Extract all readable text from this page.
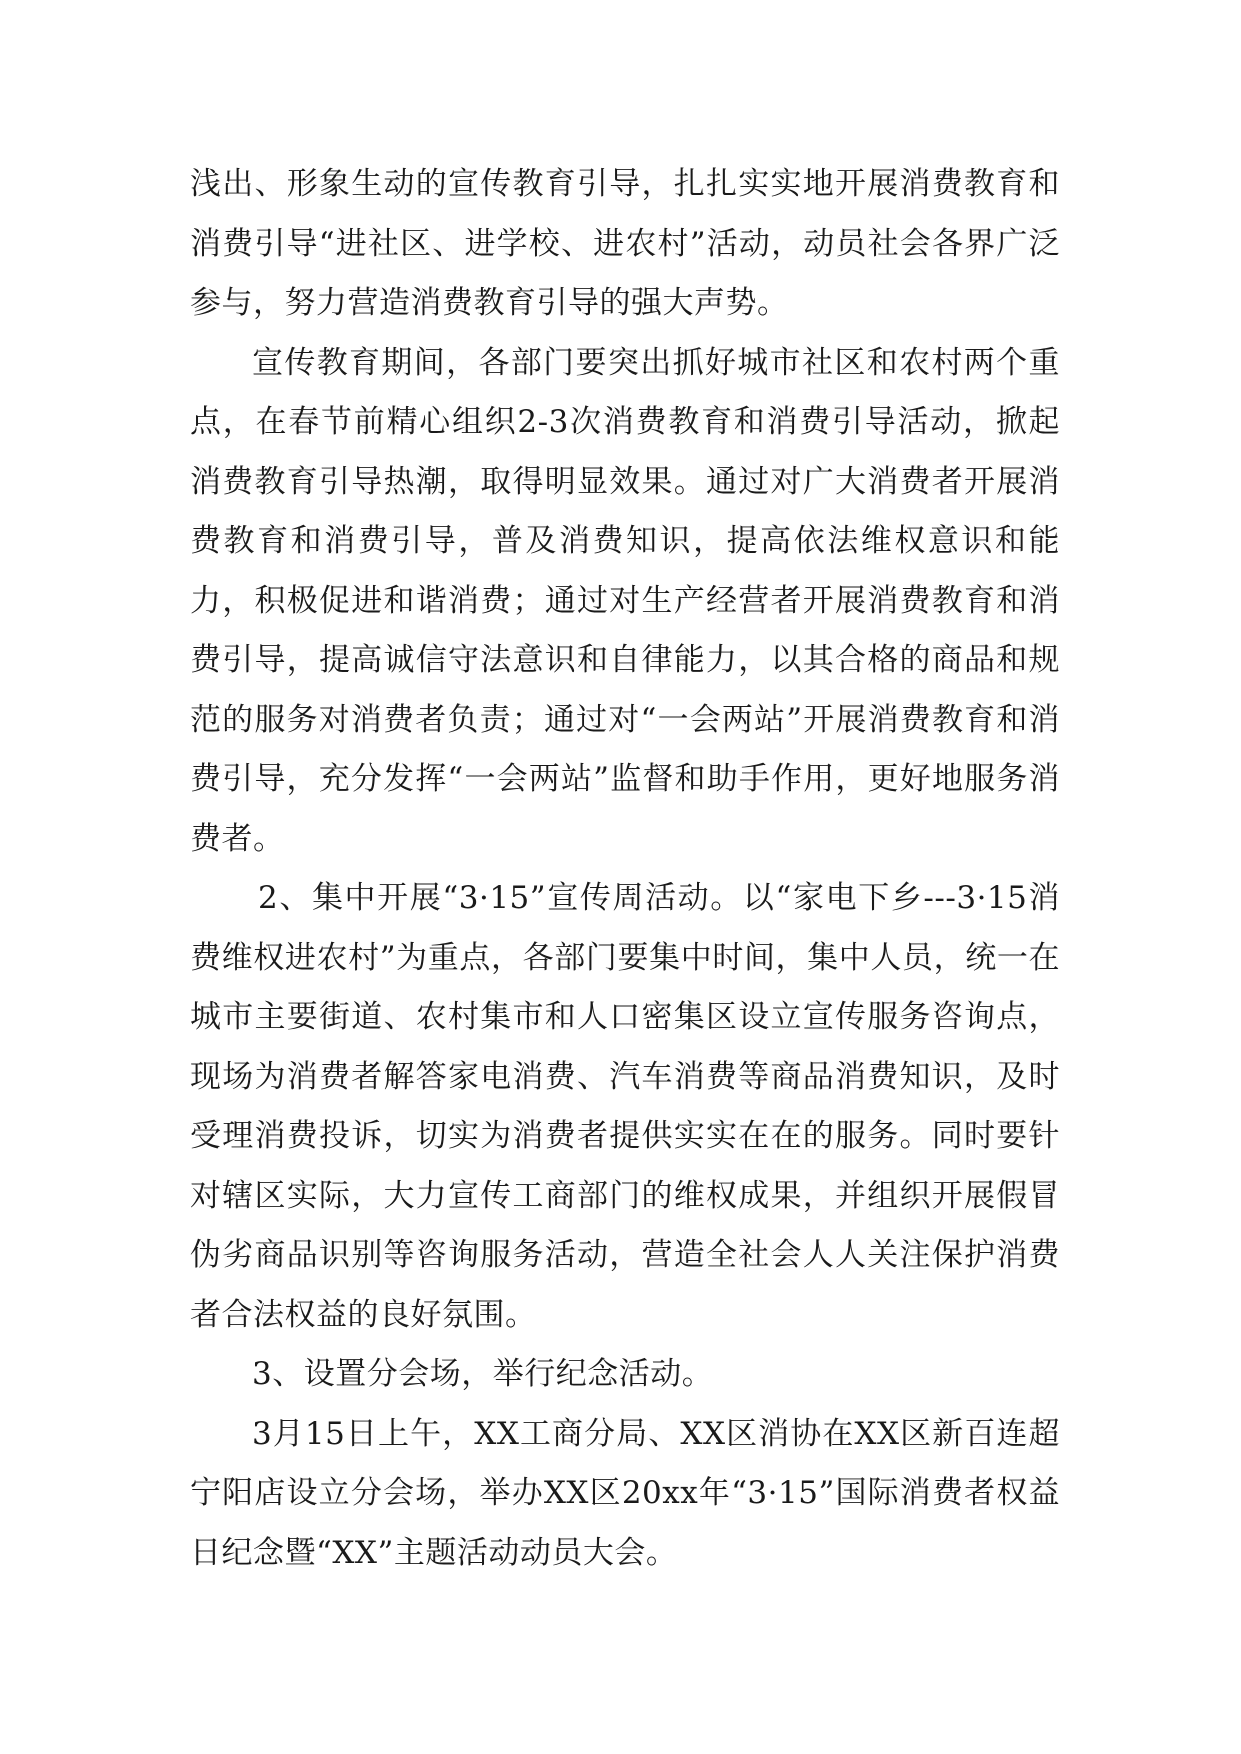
浅出、形象生动的宣传教育引导，扎扎实实地开展消费教育和消费引导“进社区、进学校、进农村”活动，动员社会各界广泛参与，努力营造消费教育引导的强大声势。

宣传教育期间，各部门要突出抓好城市社区和农村两个重点，在春节前精心组织2-3次消费教育和消费引导活动，掀起消费教育引导热潮，取得明显效果。通过对广大消费者开展消费教育和消费引导，普及消费知识，提高依法维权意识和能力，积极促进和谐消费；通过对生产经营者开展消费教育和消费引导，提高诚信守法意识和自律能力，以其合格的商品和规范的服务对消费者负责；通过对“一会两站”开展消费教育和消费引导，充分发挥“一会两站”监督和助手作用，更好地服务消费者。

2、集中开展“3·15”宣传周活动。以“家电下乡---3·15消费维权进农村”为重点，各部门要集中时间，集中人员，统一在城市主要街道、农村集市和人口密集区设立宣传服务咨询点，现场为消费者解答家电消费、汽车消费等商品消费知识，及时受理消费投诉，切实为消费者提供实实在在的服务。同时要针对辖区实际，大力宣传工商部门的维权成果，并组织开展假冒伪劣商品识别等咨询服务活动，营造全社会人人关注保护消费者合法权益的良好氛围。

3、设置分会场，举行纪念活动。

3月15日上午，XX工商分局、XX区消协在XX区新百连超宁阳店设立分会场，举办XX区20xx年“3·15”国际消费者权益日纪念暨“XX”主题活动动员大会。
